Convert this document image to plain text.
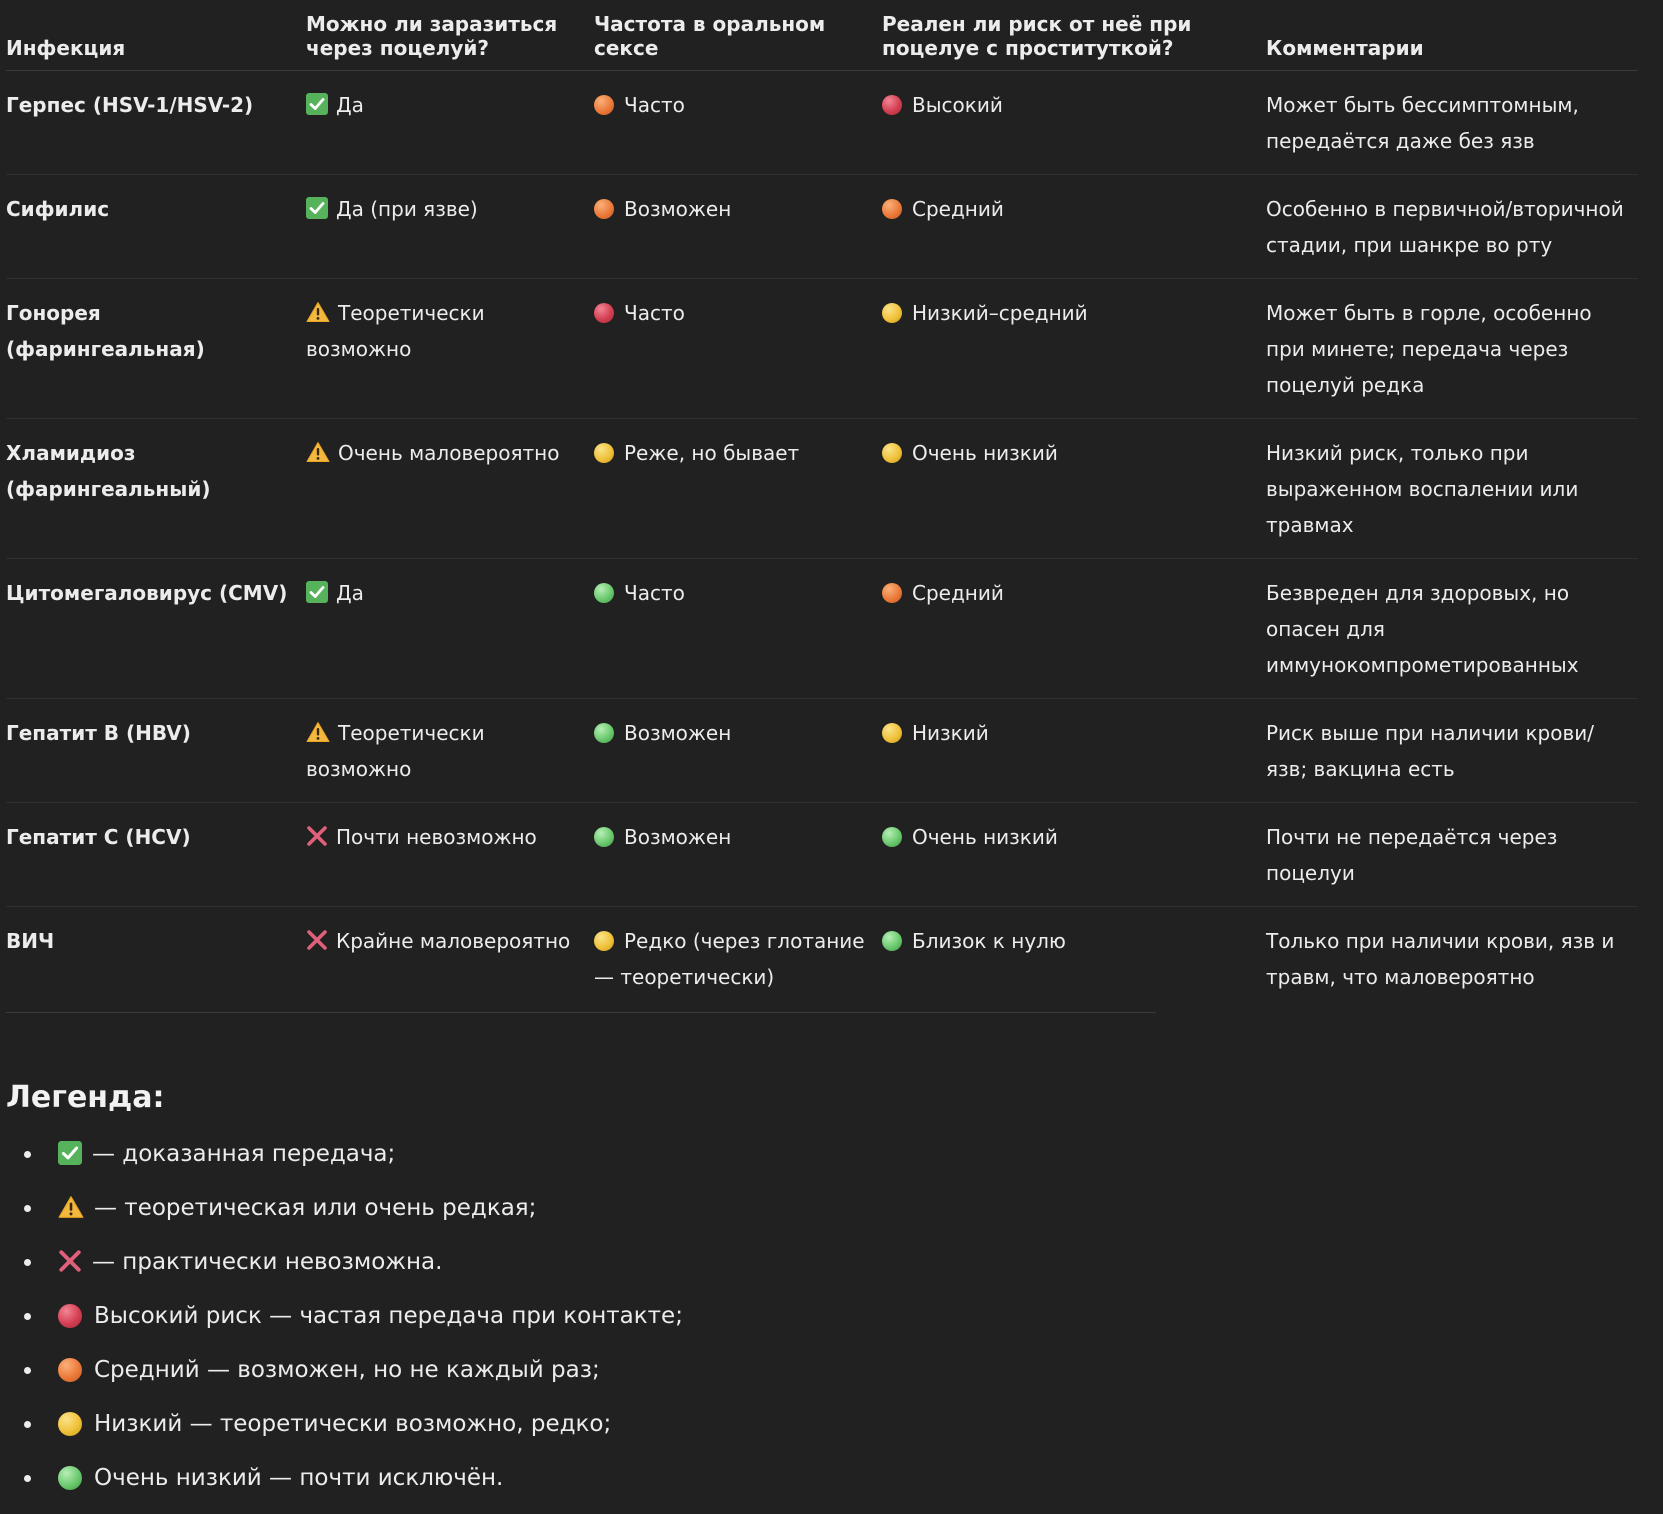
Инфекция	Можно ли заразиться через поцелуй?	Частота в оральном сексе	Реален ли риск от неё при поцелуе с проституткой?	Комментарии
Герпес (HSV-1/HSV-2)	Да	Часто	Высокий	Может быть бессимптомным, передаётся даже без язв
Сифилис	Да (при язве)	Возможен	Средний	Особенно в первичной/вторичной стадии, при шанкре во рту
Гонорея (фарингеальная)	Теоретически возможно	Часто	Низкий–средний	Может быть в горле, особенно при минете; передача через поцелуй редка
Хламидиоз (фарингеальный)	Очень маловероятно	Реже, но бывает	Очень низкий	Низкий риск, только при выраженном воспалении или травмах
Цитомегаловирус (CMV)	Да	Часто	Средний	Безвреден для здоровых, но опасен для иммунокомпрометированных
Гепатит B (HBV)	Теоретически возможно	Возможен	Низкий	Риск выше при наличии крови/язв; вакцина есть
Гепатит C (HCV)	Почти невозможно	Возможен	Очень низкий	Почти не передаётся через поцелуи
ВИЧ	Крайне маловероятно	Редко (через глотание — теоретически)	Близок к нулю	Только при наличии крови, язв и травм, что маловероятно
Легенда:
— доказанная передача;
— теоретическая или очень редкая;
— практически невозможна.
Высокий риск — частая передача при контакте;
Средний — возможен, но не каждый раз;
Низкий — теоретически возможно, редко;
Очень низкий — почти исключён.
